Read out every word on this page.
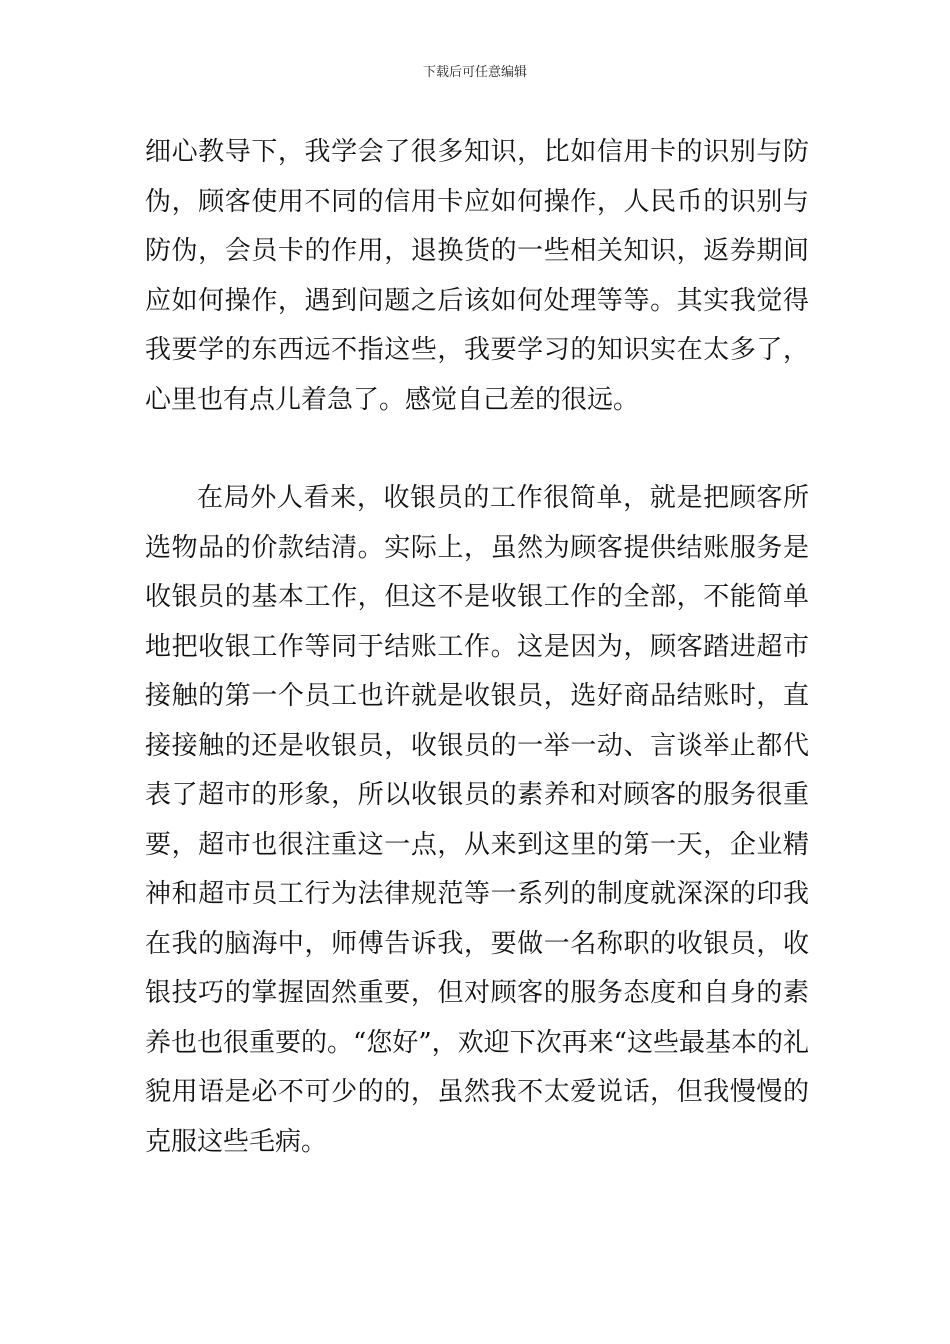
下载后可任意编辑

细心教导下，我学会了很多知识，比如信用卡的识别与防伪，顾客使用不同的信用卡应如何操作，人民币的识别与防伪，会员卡的作用，退换货的一些相关知识，返券期间应如何操作，遇到问题之后该如何处理等等。其实我觉得我要学的东西远不指这些，我要学习的知识实在太多了，心里也有点儿着急了。感觉自己差的很远。

在局外人看来，收银员的工作很简单，就是把顾客所选物品的价款结清。实际上，虽然为顾客提供结账服务是收银员的基本工作，但这不是收银工作的全部，不能简单地把收银工作等同于结账工作。这是因为，顾客踏进超市接触的第一个员工也许就是收银员，选好商品结账时，直接接触的还是收银员，收银员的一举一动、言谈举止都代表了超市的形象，所以收银员的素养和对顾客的服务很重要，超市也很注重这一点，从来到这里的第一天，企业精神和超市员工行为法律规范等一系列的制度就深深的印我在我的脑海中，师傅告诉我，要做一名称职的收银员，收银技巧的掌握固然重要，但对顾客的服务态度和自身的素养也也很重要的。“您好”，欢迎下次再来“这些最基本的礼貌用语是必不可少的的，虽然我不太爱说话，但我慢慢的克服这些毛病。
